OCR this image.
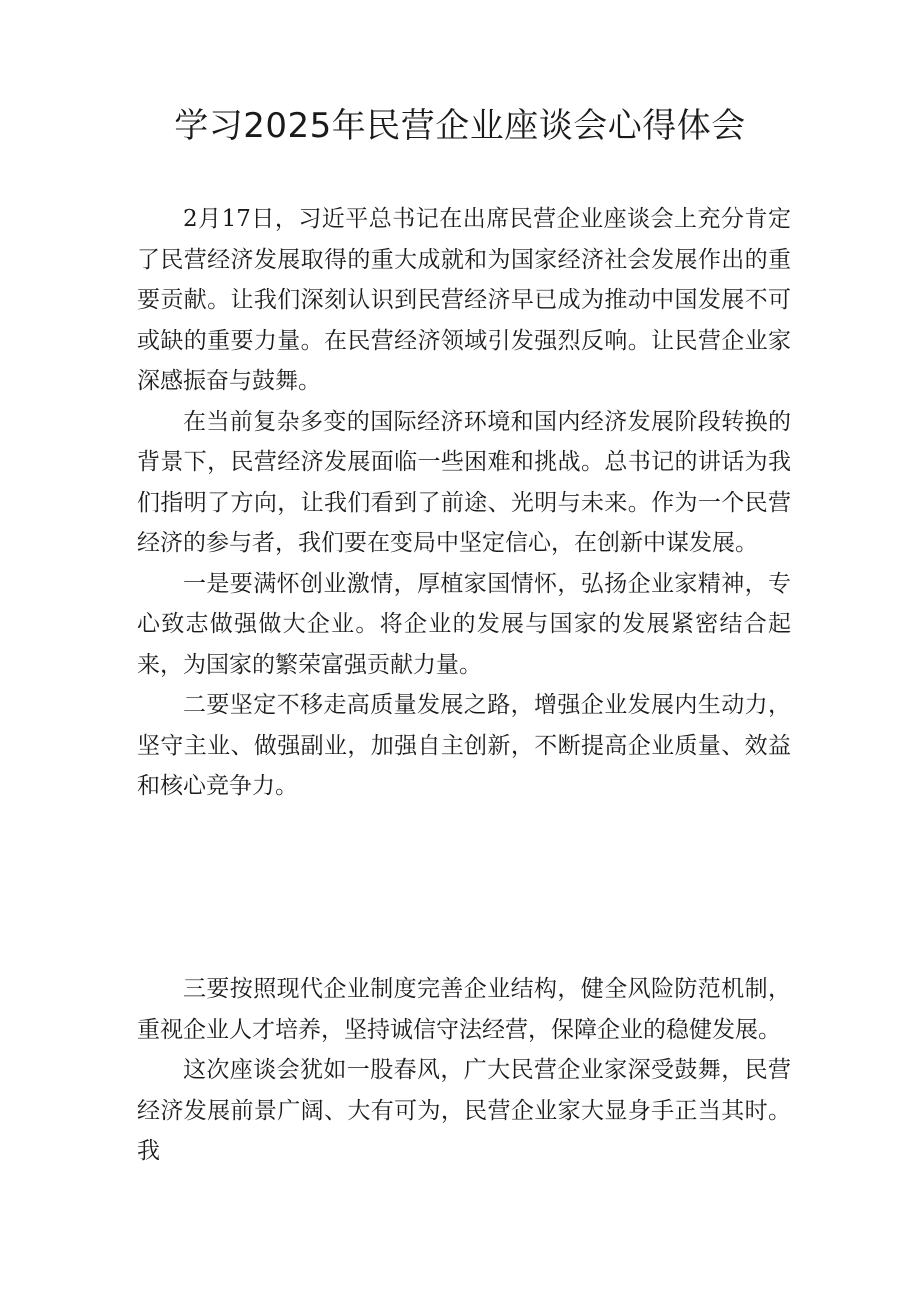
学习2025年民营企业座谈会心得体会

2月17日，习近平总书记在出席民营企业座谈会上充分肯定了民营经济发展取得的重大成就和为国家经济社会发展作出的重要贡献。让我们深刻认识到民营经济早已成为推动中国发展不可或缺的重要力量。在民营经济领域引发强烈反响。让民营企业家深感振奋与鼓舞。

在当前复杂多变的国际经济环境和国内经济发展阶段转换的背景下，民营经济发展面临一些困难和挑战。总书记的讲话为我们指明了方向，让我们看到了前途、光明与未来。作为一个民营经济的参与者，我们要在变局中坚定信心，在创新中谋发展。

一是要满怀创业激情，厚植家国情怀，弘扬企业家精神，专心致志做强做大企业。将企业的发展与国家的发展紧密结合起来，为国家的繁荣富强贡献力量。

二要坚定不移走高质量发展之路，增强企业发展内生动力，坚守主业、做强副业，加强自主创新，不断提高企业质量、效益和核心竞争力。

三要按照现代企业制度完善企业结构，健全风险防范机制，重视企业人才培养，坚持诚信守法经营，保障企业的稳健发展。

这次座谈会犹如一股春风，广大民营企业家深受鼓舞，民营经济发展前景广阔、大有可为，民营企业家大显身手正当其时。我
